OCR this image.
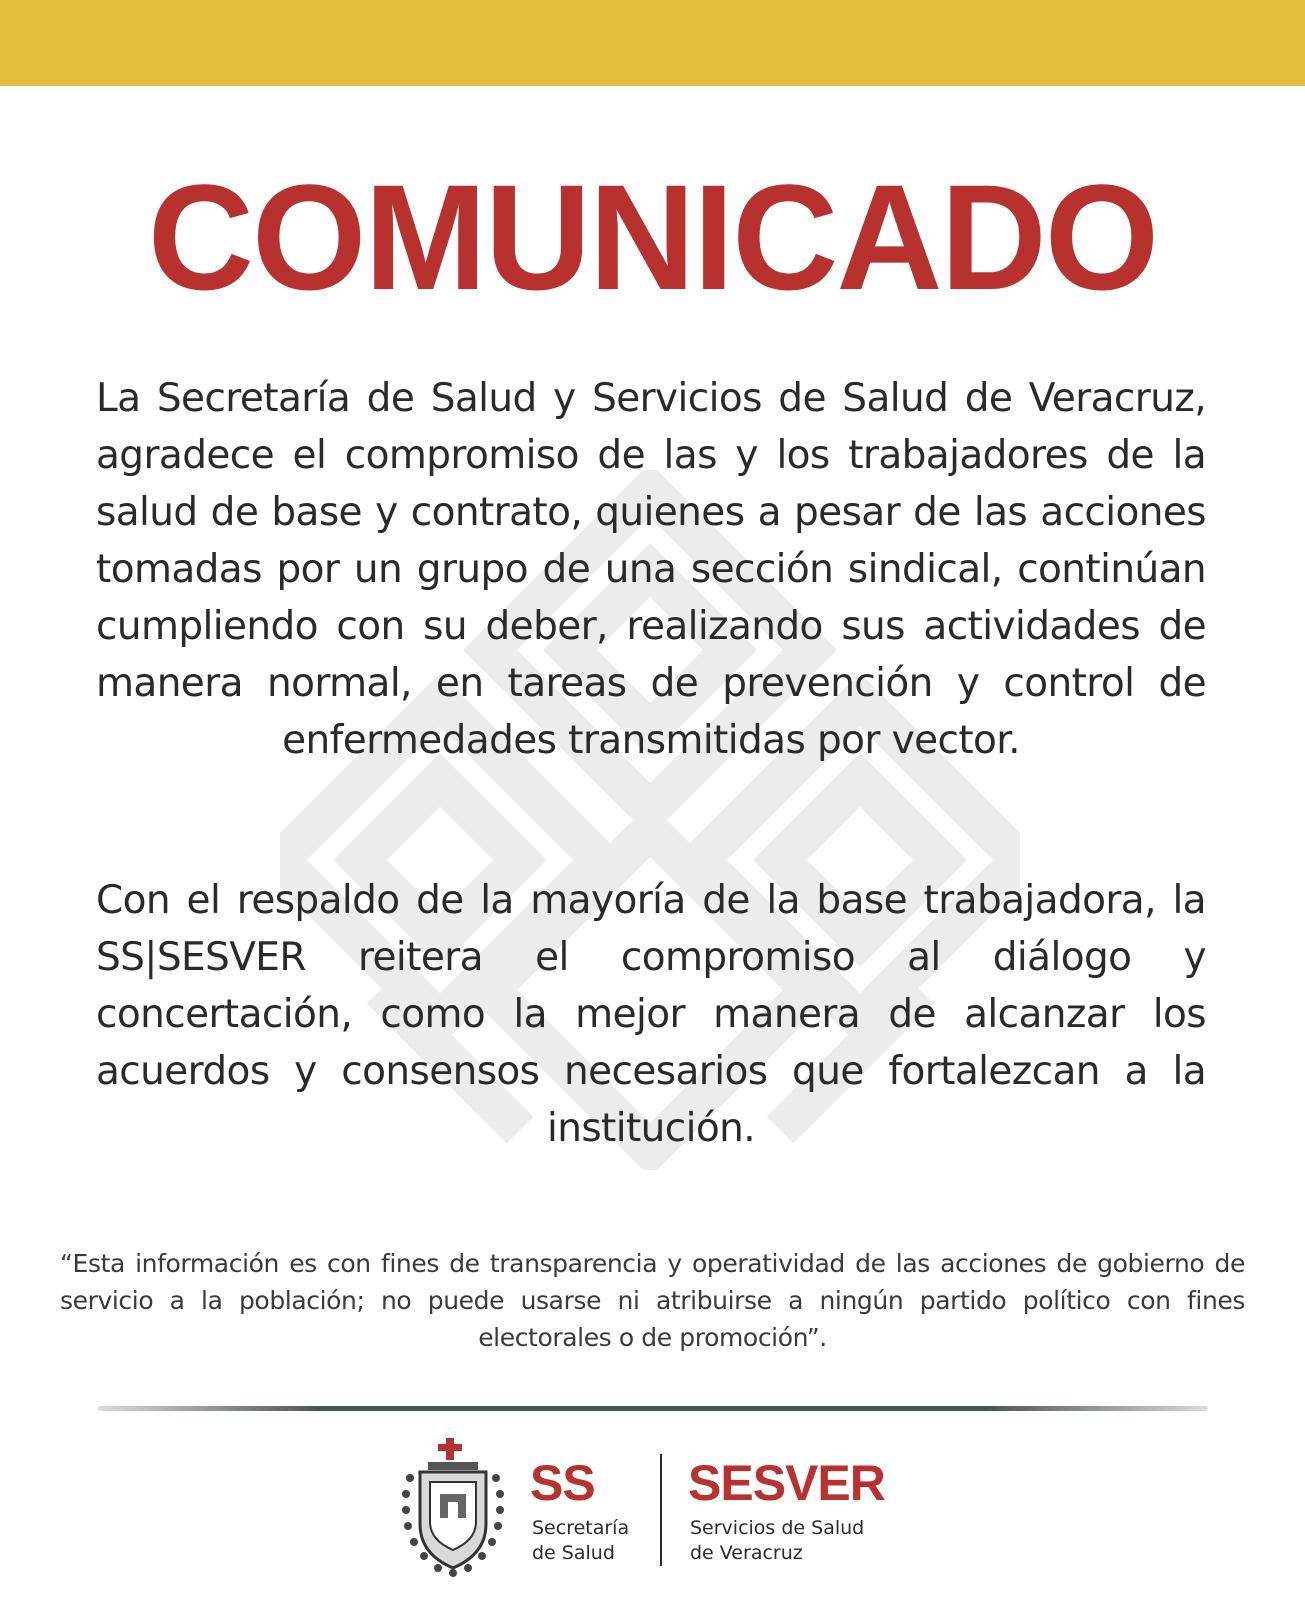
COMUNICADO
La Secretaría de Salud y Servicios de Salud de Veracruz, agradece el compromiso de las y los trabajadores de la salud de base y contrato, quienes a pesar de las acciones tomadas por un grupo de una sección sindical, continúan cumpliendo con su deber, realizando sus actividades de manera normal, en tareas de prevención y control de enfermedades transmitidas por vector.
Con el respaldo de la mayoría de la base trabajadora, la SS|SESVER reitera el compromiso al diálogo y concertación, como la mejor manera de alcanzar los acuerdos y consensos necesarios que fortalezcan a la institución.
“Esta información es con fines de transparencia y operatividad de las acciones de gobierno de servicio a la población; no puede usarse ni atribuirse a ningún partido político con fines electorales o de promoción”.
SS
Secretaría
de Salud
SESVER
Servicios de Salud
de Veracruz
